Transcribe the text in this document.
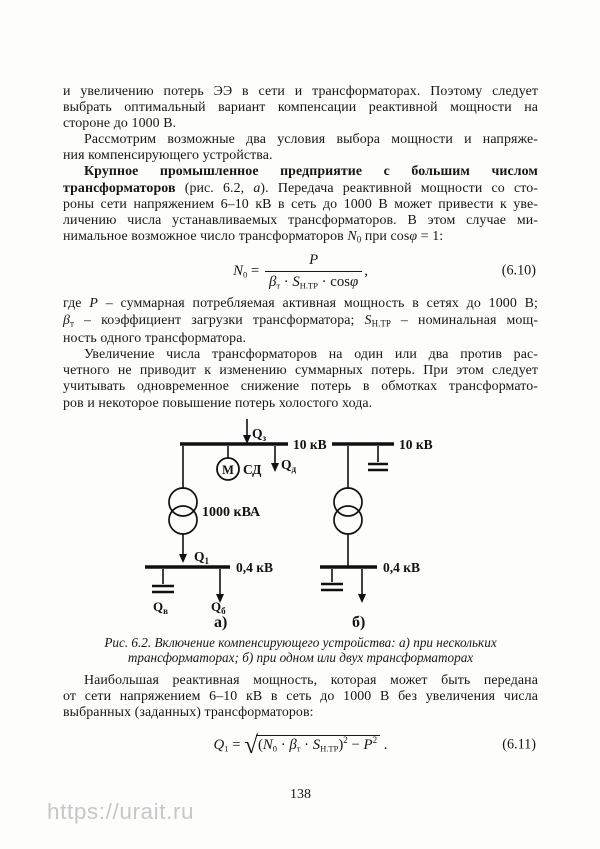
и увеличению потерь ЭЭ в сети и трансформаторах. Поэтому следует
выбрать оптимальный вариант компенсации реактивной мощности на
стороне до 1000 В.
Рассмотрим возможные два условия выбора мощности и напряже-
ния компенсирующего устройства.
Крупное промышленное предприятие с большим числом
трансформаторов (рис. 6.2, а). Передача реактивной мощности со сто-
роны сети напряжением 6–10 кВ в сеть до 1000 В может привести к уве-
личению числа устанавливаемых трансформаторов. В этом случае ми-
нимальное возможное число трансформаторов $N_0$ при cosφ = 1:
$N0 = \frac{P}{\beta т \cdot SН.ТР \cdot \cos\varphi}$ ,	(6.10)
где P – суммарная потребляемая активная мощность в сетях до 1000 В;
$\beta_т$ – коэффициент загрузки трансформатора; $S_{Н.ТР}$ – номинальная мощ-
ность одного трансформатора.
Увеличение числа трансформаторов на один или два против рас-
четного не приводит к изменению суммарных потерь. При этом следует
учитывать одновременное снижение потерь в обмотках трансформато-
ров и некоторое повышение потерь холостого хода.
$Q_з$ 10 кВ
М СД $Q_д$
1000 кВА
$Q_1$ 0,4 кВ
10 кВ
0,4 кВ
$Q_в$	$Q_б$
а)	б)
Рис. 6.2. Включение компенсирующего устройства: а) при нескольких
трансформаторах; б) при одном или двух трансформаторах
Наибольшая реактивная мощность, которая может быть передана
от сети напряжением 6–10 кВ в сеть до 1000 В без увеличения числа
выбранных (заданных) трансформаторов:
$Q1 = √(N0 \cdot \beta т \cdot SН.ТР)^2 - P^2$ .	(6.11)
138
https://urait.ru
